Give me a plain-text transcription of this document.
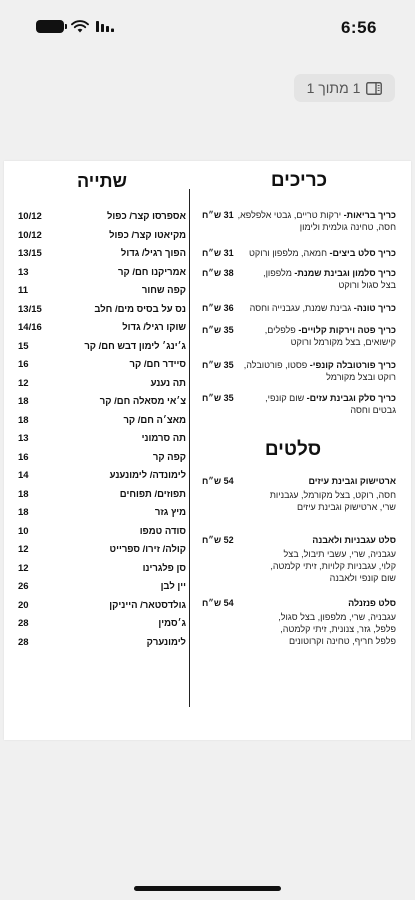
6:56
1 מתוך 1
כריכים
שתייה
אספרסו קצר/ כפול
10/12
מקיאטו קצר/ כפול
10/12
הפוך רגיל/ גדול
13/15
אמריקנו חם/ קר
13
קפה שחור
11
נס על בסיס מים/ חלב
13/15
שוקו רגיל/ גדול
14/16
ג׳ינג׳ לימון דבש חם/ קר
15
סיידר חם/ קר
16
תה נענע
12
צ׳אי מסאלה חם/ קר
18
מאצ׳ה חם/ קר
18
תה סרמוני
13
קפה קר
16
לימונדה/ לימונענע
14
תפוזים/ תפוחים
18
מיץ גזר
18
סודה טמפו
10
קולה/ זירו/ ספרייט
12
סן פלגרינו
12
יין לבן
26
גולדסטאר/ הייניקן
20
ג׳סמין
28
לימונערק
28
כריך בריאות- ירקות טריים, גבטי אלפלפא,
31 ש״ח
חסה, טחינה גולמית ולימון
כריך סלט ביצים- חמאה, מלפפון ורוקט
31 ש״ח
כריך סלמון וגבינת שמנת- מלפפון,
38 ש״ח
בצל סגול ורוקט
כריך טונה- גבינת שמנת, עגבנייה וחסה
36 ש״ח
כריך פטה וירקות קלויים- פלפלים,
35 ש״ח
קישואים, בצל מקורמל ורוקט
כריך פורטובלה קונפי- פסטו, פורטובלה,
35 ש״ח
רוקט ובצל מקורמל
כריך סלק וגבינת עזים- שום קונפי,
35 ש״ח
גבטים וחסה
סלטים
ארטישוק וגבינת עיזים
54 ש״ח
חסה, רוקט, בצל מקורמל, עגבניות שרי, ארטישוק וגבינת עיזים
סלט עגבניות ולאבנה
52 ש״ח
עגבניה, שרי, עשבי תיבול, בצל קלוי, עגבניות קלויות, זיתי קלמטה, שום קונפי ולאבנה
סלט פנזנלה
54 ש״ח
עגבניה, שרי, מלפפון, בצל סגול, פלפל, גזר, צנונית, זיתי קלמטה, פלפל חריף, טחינה וקרוטונים
